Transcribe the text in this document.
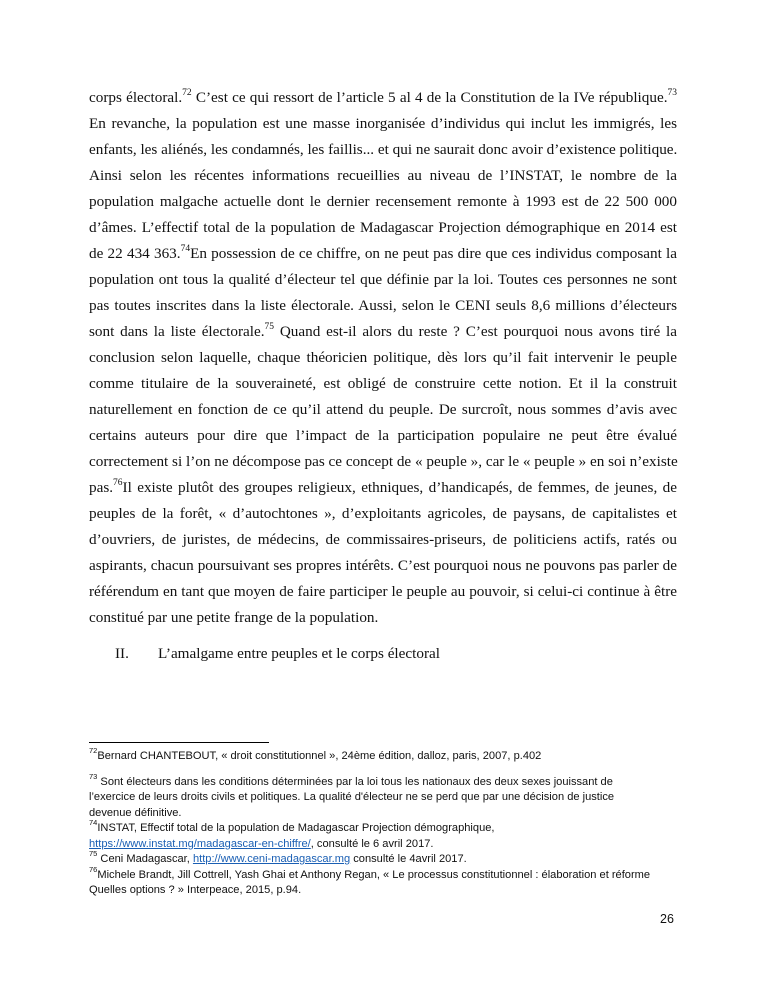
corps électoral.$^{72}$ C’est ce qui ressort de l’article 5 al 4 de la Constitution de la IVe république.$^{73}$
En revanche, la population est une masse inorganisée d’individus qui inclut les immigrés, les
enfants, les aliénés, les condamnés, les faillis... et qui ne saurait donc avoir d’existence politique.
Ainsi selon les récentes informations recueillies au niveau de l’INSTAT, le nombre de la
population malgache actuelle dont le dernier recensement remonte à 1993 est de 22 500 000
d’âmes. L’effectif total de la population de Madagascar Projection démographique en 2014 est
de 22 434 363.74En possession de ce chiffre, on ne peut pas dire que ces individus composant la
population ont tous la qualité d’électeur tel que définie par la loi. Toutes ces personnes ne sont
pas toutes inscrites dans la liste électorale. Aussi, selon le CENI seuls 8,6 millions d’électeurs
sont dans la liste électorale.$^{75}$ Quand est-il alors du reste ? C’est pourquoi nous avons tiré la
conclusion selon laquelle, chaque théoricien politique, dès lors qu’il fait intervenir le peuple
comme titulaire de la souveraineté, est obligé de construire cette notion. Et il la construit
naturellement en fonction de ce qu’il attend du peuple. De surcroît, nous sommes d’avis avec
certains auteurs pour dire que l’impact de la participation populaire ne peut être évalué
correctement si l’on ne décompose pas ce concept de « peuple », car le « peuple » en soi n’existe
pas.$^{76}$Il existe plutôt des groupes religieux, ethniques, d’handicapés, de femmes, de jeunes, de
peuples de la forêt, « d’autochtones », d’exploitants agricoles, de paysans, de capitalistes et
d’ouvriers, de juristes, de médecins, de commissaires-priseurs, de politiciens actifs, ratés ou
aspirants, chacun poursuivant ses propres intérêts. C’est pourquoi nous ne pouvons pas parler de
référendum en tant que moyen de faire participer le peuple au pouvoir, si celui-ci continue à être
constitué par une petite frange de la population.
II. L’amalgame entre peuples et le corps électoral
$^{72}$Bernard CHANTEBOUT, « droit constitutionnel », 24ème édition, dalloz, paris, 2007, p.402
$^{73}$ Sont électeurs dans les conditions déterminées par la loi tous les nationaux des deux sexes jouissant de
l’exercice de leurs droits civils et politiques. La qualité d'électeur ne se perd que par une décision de justice
devenue définitive.
$^{74}$INSTAT, Effectif total de la population de Madagascar Projection démographique,
https://www.instat.mg/madagascar-en-chiffre/, consulté le 6 avril 2017.
$^{75}$ Ceni Madagascar, http://www.ceni-madagascar.mg consulté le 4avril 2017.
$^{76}$Michele Brandt, Jill Cottrell, Yash Ghai et Anthony Regan, « Le processus constitutionnel : élaboration et réforme
Quelles options ? » Interpeace, 2015, p.94.
26
